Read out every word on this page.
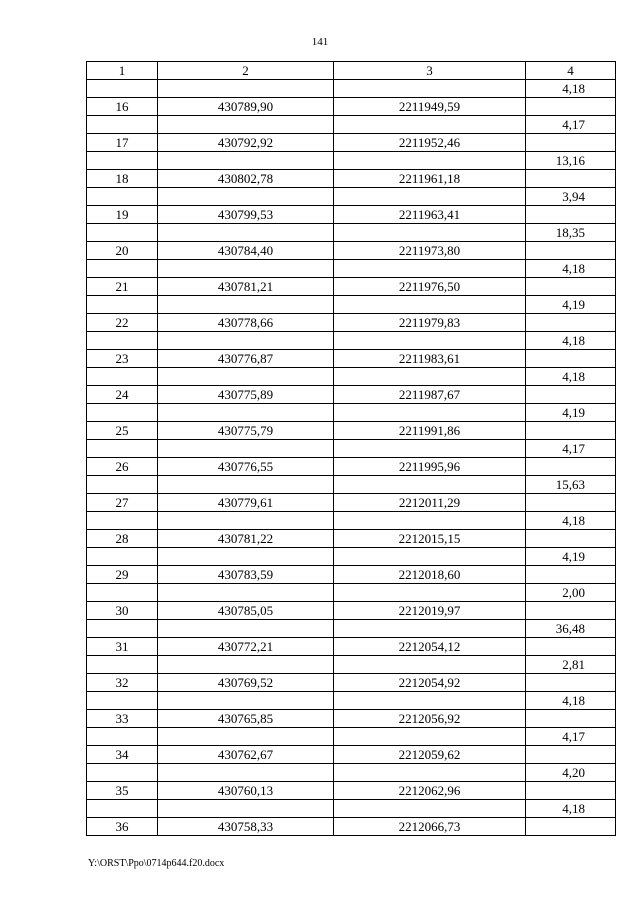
141
1	2	3	4
			4,18
16	430789,90	2211949,59	
			4,17
17	430792,92	2211952,46	
			13,16
18	430802,78	2211961,18	
			3,94
19	430799,53	2211963,41	
			18,35
20	430784,40	2211973,80	
			4,18
21	430781,21	2211976,50	
			4,19
22	430778,66	2211979,83	
			4,18
23	430776,87	2211983,61	
			4,18
24	430775,89	2211987,67	
			4,19
25	430775,79	2211991,86	
			4,17
26	430776,55	2211995,96	
			15,63
27	430779,61	2212011,29	
			4,18
28	430781,22	2212015,15	
			4,19
29	430783,59	2212018,60	
			2,00
30	430785,05	2212019,97	
			36,48
31	430772,21	2212054,12	
			2,81
32	430769,52	2212054,92	
			4,18
33	430765,85	2212056,92	
			4,17
34	430762,67	2212059,62	
			4,20
35	430760,13	2212062,96	
			4,18
36	430758,33	2212066,73	
Y:\ORST\Ppo\0714p644.f20.docx
